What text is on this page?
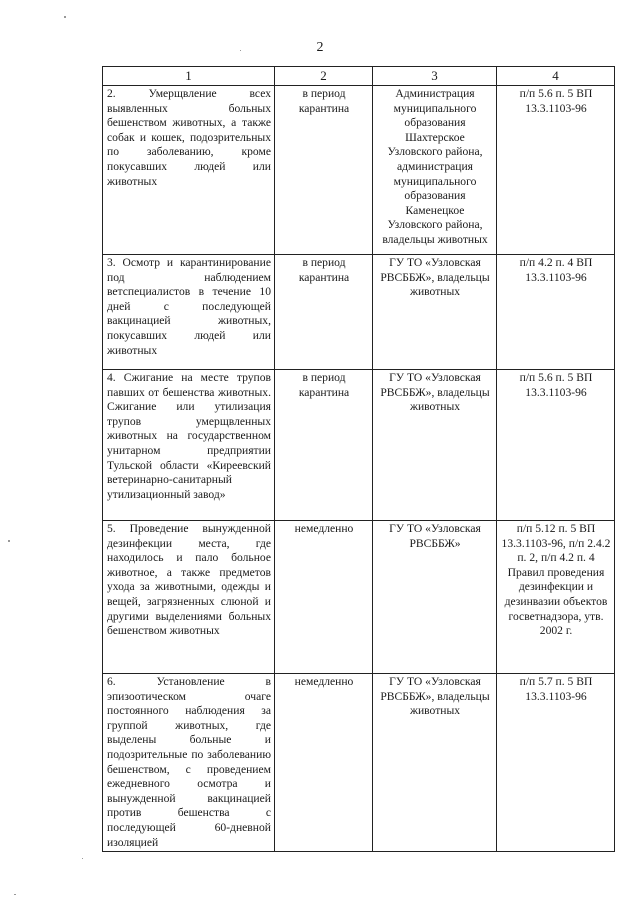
2
1	2	3	4
2. Умерщвление всех выявленных больных бешенством животных, а также собак и кошек, подозрительных по заболеванию, кроме покусавших людей или животных	в период карантина	Администрация муниципального образования Шахтерское Узловского района, администрация муниципального образования Каменецкое Узловского района, владельцы животных	п/п 5.6 п. 5 ВП 13.3.1103-96
3. Осмотр и карантинирование под наблюдением ветспециалистов в течение 10 дней с последующей вакцинацией животных, покусавших людей или животных	в период карантина	ГУ ТО «Узловская РВСББЖ», владельцы животных	п/п 4.2 п. 4 ВП 13.3.1103-96
4. Сжигание на месте трупов павших от бешенства животных. Сжигание или утилизация трупов умерщвленных животных на государственном унитарном предприятии Тульской области «Киреевский ветеринарно-санитарный утилизационный завод»	в период карантина	ГУ ТО «Узловская РВСББЖ», владельцы животных	п/п 5.6 п. 5 ВП 13.3.1103-96
5. Проведение вынужденной дезинфекции места, где находилось и пало больное животное, а также предметов ухода за животными, одежды и вещей, загрязненных слюной и другими выделениями больных бешенством животных	немедленно	ГУ ТО «Узловская РВСББЖ»	п/п 5.12 п. 5 ВП 13.3.1103-96, п/п 2.4.2 п. 2, п/п 4.2 п. 4 Правил проведения дезинфекции и дезинвазии объектов госветнадзора, утв. 2002 г.
6. Установление в эпизоотическом очаге постоянного наблюдения за группой животных, где выделены больные и подозрительные по заболеванию бешенством, с проведением ежедневного осмотра и вынужденной вакцинацией против бешенства с последующей 60-дневной изоляцией	немедленно	ГУ ТО «Узловская РВСББЖ», владельцы животных	п/п 5.7 п. 5 ВП 13.3.1103-96
